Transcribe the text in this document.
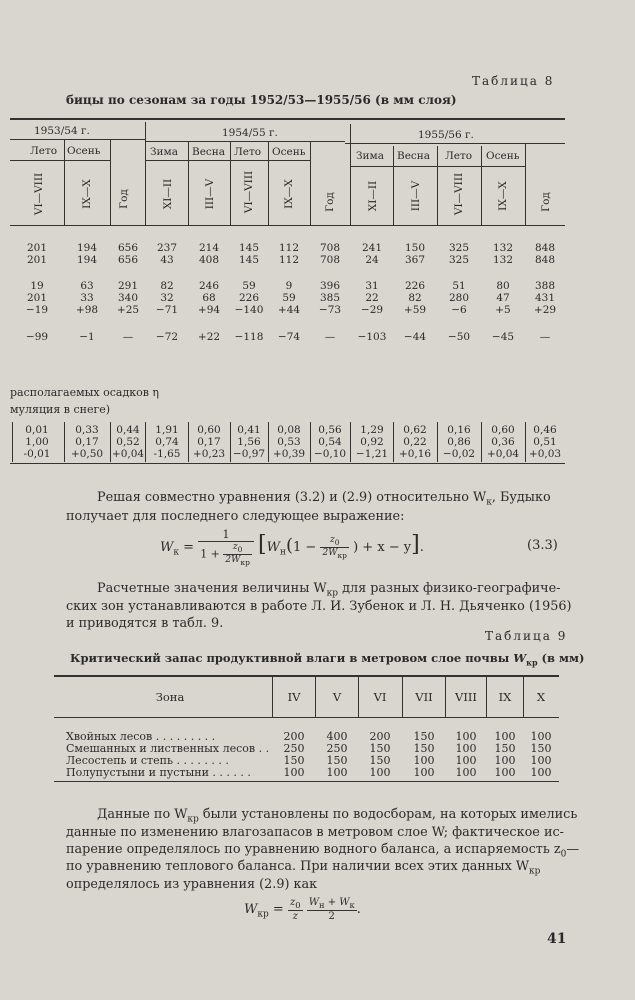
Таблица 8
бицы по сезонам за годы 1952/53—1955/56 (в мм слоя)
1953/54 г.	1954/55 г.	1955/56 г.
Лето Осень	Зима Весна Лето Осень	Зима Весна Лето Осень
VI—VIII	IX—X Год	XI—II	III—V	VI—VIII	IX—X	Год	XI—II	III—V	VI—VIII	IX—X	Год
201	194	656	237	214	145	112	708	241	150	325	132	848
201	194	656	43	408	145	112	708	24	367	325	132	848
19	63	291	82	246	59	9	396	31	226	51	80	388
201	33	340	32	68	226	59	385	22	82	280	47	431
−19	+98	+25	−71	+94	−140	+44	−73	−29	+59	−6	+5	+29
−99	−1	—	−72	+22	−118	−74	—	−103	−44	−50	−45	—
располагаемых осадков η
муляция в снеге)
0,01	0,33	0,44	1,91	0,60	0,41	0,08	0,56	1,29	0,62	0,16	0,60	0,46
1,00	0,17	0,52	0,74	0,17	1,56	0,53	0,54	0,92	0,22	0,86	0,36	0,51
-0,01	+0,50 +0,04 -1,65	+0,23 −0,97 +0,39 −0,10 −1,21	+0,16	−0,02	+0,04 +0,03
Решая совместно уравнения (3.2) и (2.9) относительно $W_к$, Будыко
получает для последнего следующее выражение:
$W_к = \frac{1}{1 + \frac{z_0}{2W_{кр}}} [W_н(1 - \frac{z_0}{2W_{кр}}$ ) + x − y].	(3.3)
Расчетные значения величины $W_{кр}$ для разных физико-географиче-
ских зон устанавливаются в работе Л. И. Зубенок и Л. Н. Дьяченко (1956)
и приводятся в табл. 9.
Таблица 9
Критический запас продуктивной влаги в метровом слое почвы $W_{кр}$ (в мм)
Зона	IV	V	VI	VII	VIII	IX	X
Хвойных лесов . . . . . . . . .	200	400	200	150	100	100	100
Смешанных и лиственных лесов . .	250	250	150	150	100	150	150
Лесостепь и степь . . . . . . . .	150	150	150	100	100	100	100
Полупустыни и пустыни . . . . . .	100	100	100	100	100	100	100
Данные по $W_{кр}$ были установлены по водосборам, на которых имелись
данные по изменению влагозапасов в метровом слое W; фактическое ис-
парение определялось по уравнению водного баланса, а испаряемость $z_0—$
по уравнению теплового баланса. При наличии всех этих данных $W_{кр}$
определялось из уравнения (2.9) как
$W_{кр} = \frac{z_0}{z}$
$\frac{W_н + W_к}{2}$ .
41
